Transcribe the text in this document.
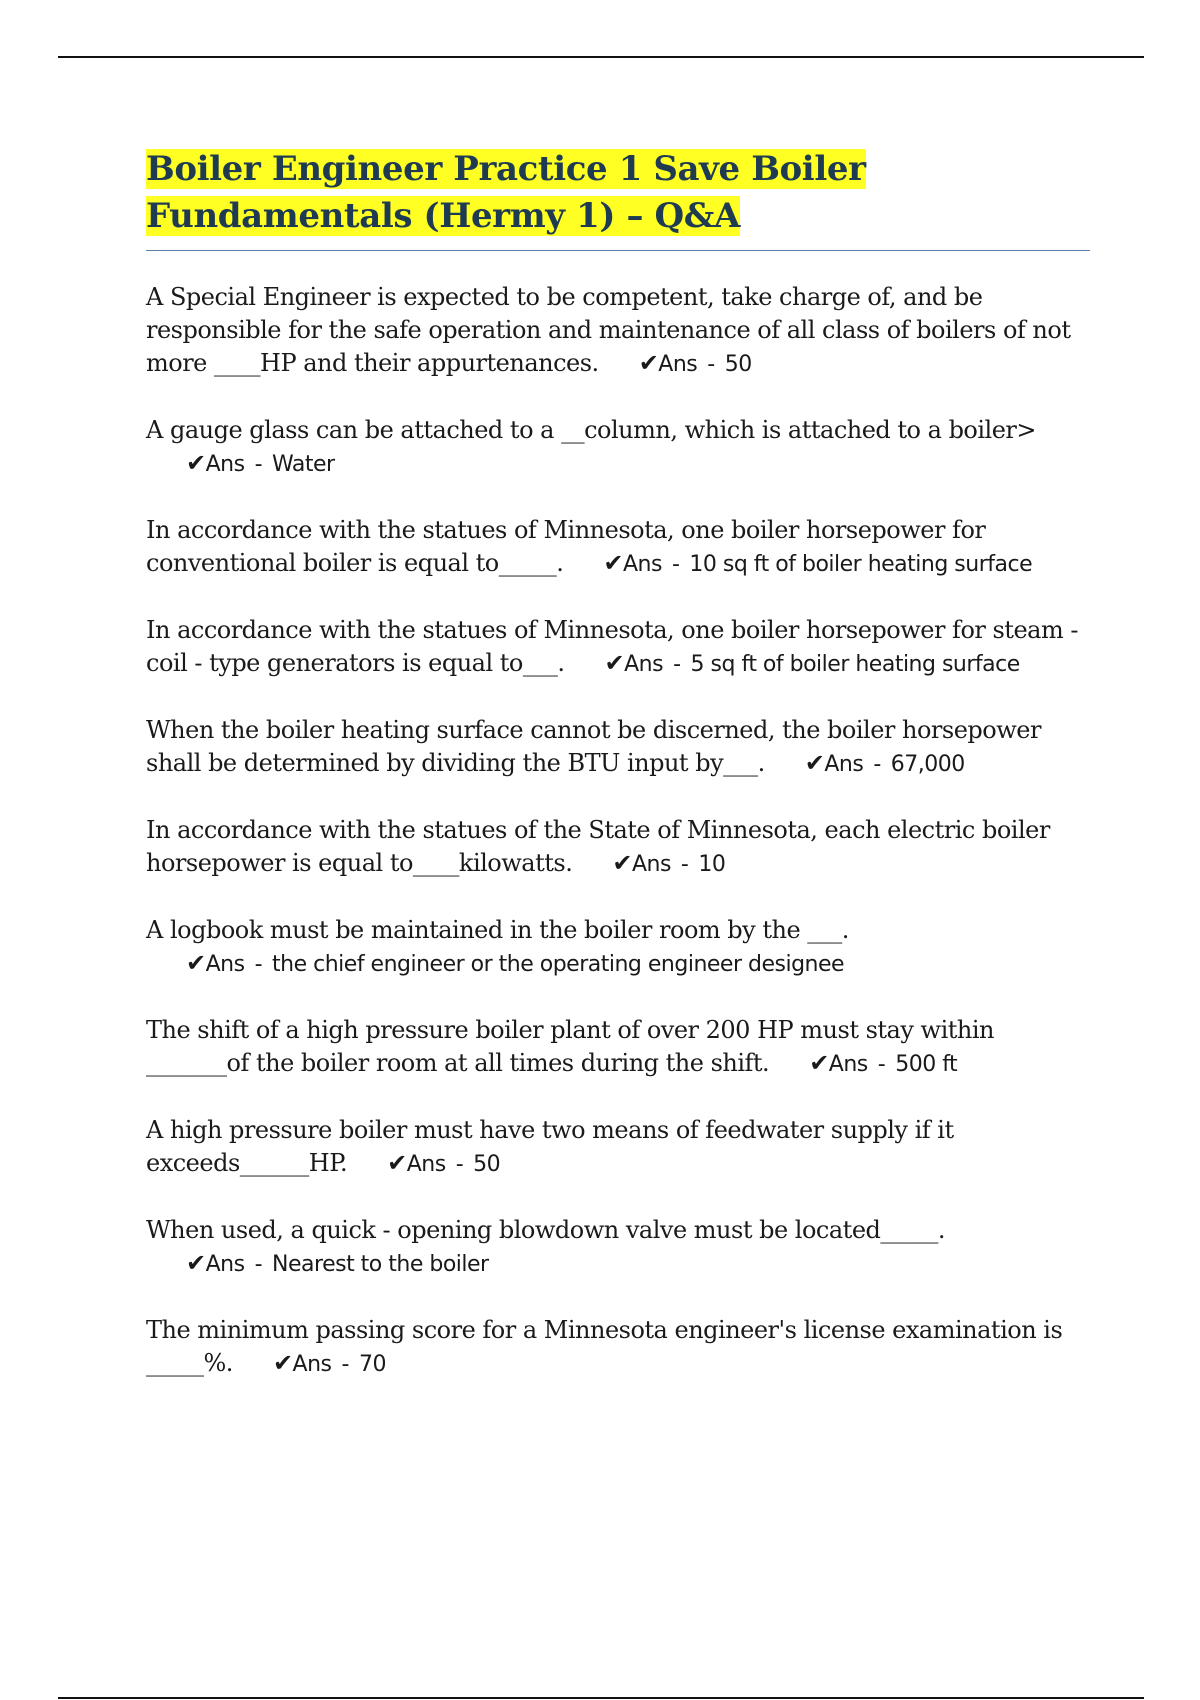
Boiler Engineer Practice 1 Save Boiler Fundamentals (Hermy 1) – Q&A
A Special Engineer is expected to be competent, take charge of, and be responsible for the safe operation and maintenance of all class of boilers of not more ____HP and their appurtenances. ✔Ans - 50
A gauge glass can be attached to a __column, which is attached to a boiler>✔Ans - Water
In accordance with the statues of Minnesota, one boiler horsepower for conventional boiler is equal to_____. ✔Ans - 10 sq ft of boiler heating surface
In accordance with the statues of Minnesota, one boiler horsepower for steam - coil - type generators is equal to___. ✔Ans - 5 sq ft of boiler heating surface
When the boiler heating surface cannot be discerned, the boiler horsepower shall be determined by dividing the BTU input by___. ✔Ans - 67,000
In accordance with the statues of the State of Minnesota, each electric boiler horsepower is equal to____kilowatts. ✔Ans - 10
A logbook must be maintained in the boiler room by the ___.✔Ans - the chief engineer or the operating engineer designee
The shift of a high pressure boiler plant of over 200 HP must stay within _______of the boiler room at all times during the shift. ✔Ans - 500 ft
A high pressure boiler must have two means of feedwater supply if it exceeds______HP. ✔Ans - 50
When used, a quick - opening blowdown valve must be located_____.✔Ans - Nearest to the boiler
The minimum passing score for a Minnesota engineer's license examination is _____%. ✔Ans - 70
